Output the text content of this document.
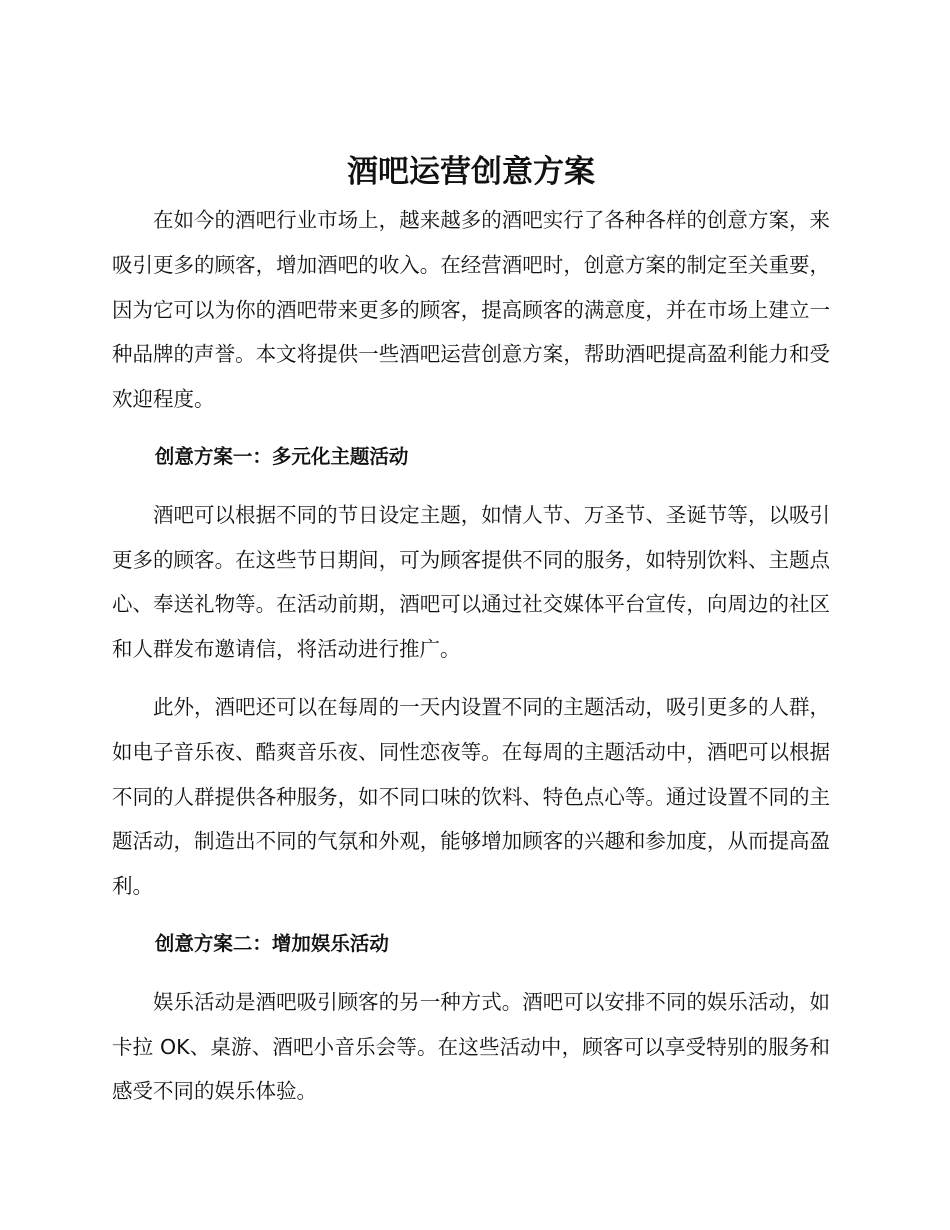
酒吧运营创意方案

在如今的酒吧行业市场上，越来越多的酒吧实行了各种各样的创意方案，来吸引更多的顾客，增加酒吧的收入。在经营酒吧时，创意方案的制定至关重要，因为它可以为你的酒吧带来更多的顾客，提高顾客的满意度，并在市场上建立一种品牌的声誉。本文将提供一些酒吧运营创意方案，帮助酒吧提高盈利能力和受欢迎程度。

创意方案一：多元化主题活动

酒吧可以根据不同的节日设定主题，如情人节、万圣节、圣诞节等，以吸引更多的顾客。在这些节日期间，可为顾客提供不同的服务，如特别饮料、主题点心、奉送礼物等。在活动前期，酒吧可以通过社交媒体平台宣传，向周边的社区和人群发布邀请信，将活动进行推广。

此外，酒吧还可以在每周的一天内设置不同的主题活动，吸引更多的人群，如电子音乐夜、酷爽音乐夜、同性恋夜等。在每周的主题活动中，酒吧可以根据不同的人群提供各种服务，如不同口味的饮料、特色点心等。通过设置不同的主题活动，制造出不同的气氛和外观，能够增加顾客的兴趣和参加度，从而提高盈利。

创意方案二：增加娱乐活动

娱乐活动是酒吧吸引顾客的另一种方式。酒吧可以安排不同的娱乐活动，如卡拉 OK、桌游、酒吧小音乐会等。在这些活动中，顾客可以享受特别的服务和感受不同的娱乐体验。
